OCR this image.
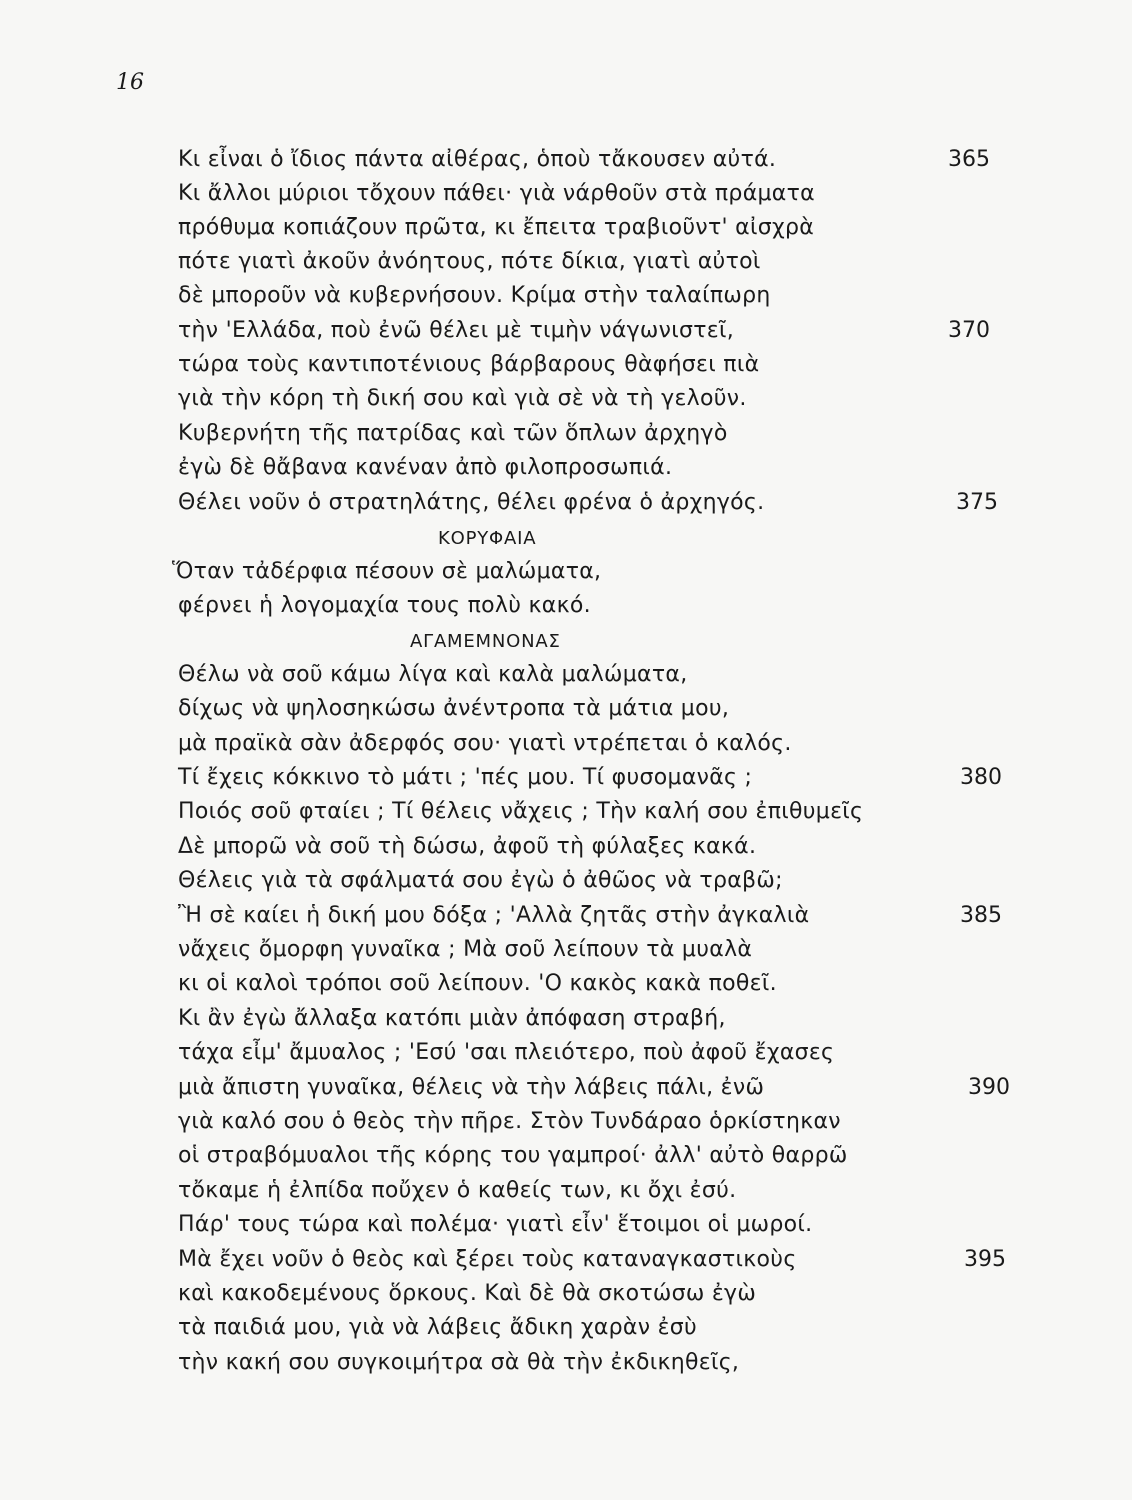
16
Κι εἶναι ὁ ἴδιος πάντα αἰθέρας, ὁποὺ τἄκουσεν αὐτά.
Κι ἄλλοι μύριοι τὄχουν πάθει· γιὰ νάρθοῦν στὰ πράματα
πρόθυμα κοπιάζουν πρῶτα, κι ἔπειτα τραβιοῦντ' αἰσχρὰ
πότε γιατὶ ἀκοῦν ἀνόητους, πότε δίκια, γιατὶ αὐτοὶ
δὲ μποροῦν νὰ κυβερνήσουν. Κρίμα στὴν ταλαίπωρη
τὴν 'Ελλάδα, ποὺ ἐνῶ θέλει μὲ τιμὴν νάγωνιστεῖ,
τώρα τοὺς καντιποτένιους βάρβαρους θὰφήσει πιὰ
γιὰ τὴν κόρη τὴ δική σου καὶ γιὰ σὲ νὰ τὴ γελοῦν.
Κυβερνήτη τῆς πατρίδας καὶ τῶν ὅπλων ἀρχηγὸ
ἐγὼ δὲ θἄβανα κανέναν ἀπὸ φιλοπροσωπιά.
Θέλει νοῦν ὁ στρατηλάτης, θέλει φρένα ὁ ἀρχηγός.
ΚΟΡΥΦΑΙΑ
Ὅταν τἀδέρφια πέσουν σὲ μαλώματα,
φέρνει ἡ λογομαχία τους πολὺ κακό.
ΑΓΑΜΕΜΝΟΝΑΣ
Θέλω νὰ σοῦ κάμω λίγα καὶ καλὰ μαλώματα,
δίχως νὰ ψηλοσηκώσω ἀνέντροπα τὰ μάτια μου,
μὰ πραϊκὰ σὰν ἀδερφός σου· γιατὶ ντρέπεται ὁ καλός.
Τί ἔχεις κόκκινο τὸ μάτι ; 'πές μου. Τί φυσομανᾶς ;
Ποιός σοῦ φταίει ; Τί θέλεις νἄχεις ; Τὴν καλή σου ἐπιθυμεῖς
Δὲ μπορῶ νὰ σοῦ τὴ δώσω, ἀφοῦ τὴ φύλαξες κακά.
Θέλεις γιὰ τὰ σφάλματά σου ἐγὼ ὁ ἀθῶος νὰ τραβῶ;
Ἢ σὲ καίει ἡ δική μου δόξα ; 'Αλλὰ ζητᾶς στὴν ἀγκαλιὰ
νἄχεις ὄμορφη γυναῖκα ; Μὰ σοῦ λείπουν τὰ μυαλὰ
κι οἱ καλοὶ τρόποι σοῦ λείπουν. 'Ο κακὸς κακὰ ποθεῖ.
Κι ἂν ἐγὼ ἄλλαξα κατόπι μιὰν ἀπόφαση στραβή,
τάχα εἶμ' ἄμυαλος ; 'Εσύ 'σαι πλειότερο, ποὺ ἀφοῦ ἔχασες
μιὰ ἄπιστη γυναῖκα, θέλεις νὰ τὴν λάβεις πάλι, ἐνῶ
γιὰ καλό σου ὁ θεὸς τὴν πῆρε. Στὸν Τυνδάραο ὁρκίστηκαν
οἱ στραβόμυαλοι τῆς κόρης του γαμπροί· ἀλλ' αὐτὸ θαρρῶ
τὄκαμε ἡ ἐλπίδα ποὔχεν ὁ καθείς των, κι ὄχι ἐσύ.
Πάρ' τους τώρα καὶ πολέμα· γιατὶ εἶν' ἕτοιμοι οἱ μωροί.
Μὰ ἔχει νοῦν ὁ θεὸς καὶ ξέρει τοὺς καταναγκαστικοὺς
καὶ κακοδεμένους ὅρκους. Καὶ δὲ θὰ σκοτώσω ἐγὼ
τὰ παιδιά μου, γιὰ νὰ λάβεις ἄδικη χαρὰν ἐσὺ
τὴν κακή σου συγκοιμήτρα σὰ θὰ τὴν ἐκδικηθεῖς,
365
370
375
380
385
390
395
